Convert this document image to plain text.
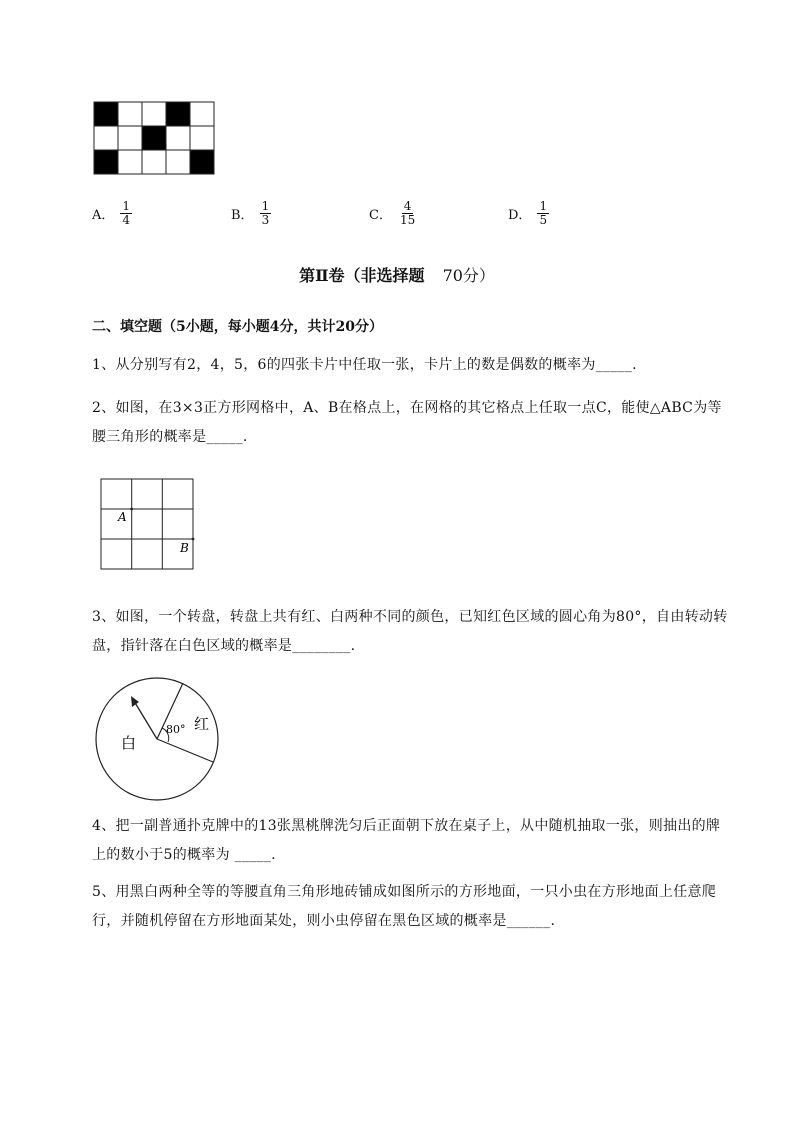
A． $\frac{1}{4}$	B． $\frac{1}{3}$	C． $\frac{4}{15}$	D． $\frac{1}{5}$
第Ⅱ卷（非选择题 70分）
二、填空题（5小题，每小题4分，共计20分）
1、从分别写有2，4，5，6的四张卡片中任取一张，卡片上的数是偶数的概率为_____.
2、如图，在3×3正方形网格中，A、B在格点上，在网格的其它格点上任取一点C，能使△ABC为等
腰三角形的概率是_____.
A
B
3、如图，一个转盘，转盘上共有红、白两种不同的颜色，已知红色区域的圆心角为80°，自由转动转
盘，指针落在白色区域的概率是________.
80° 红
白
4、把一副普通扑克牌中的13张黑桃牌洗匀后正面朝下放在桌子上，从中随机抽取一张，则抽出的牌
上的数小于5的概率为 _____.
5、用黑白两种全等的等腰直角三角形地砖铺成如图所示的方形地面，一只小虫在方形地面上任意爬
行，并随机停留在方形地面某处，则小虫停留在黑色区域的概率是______.
